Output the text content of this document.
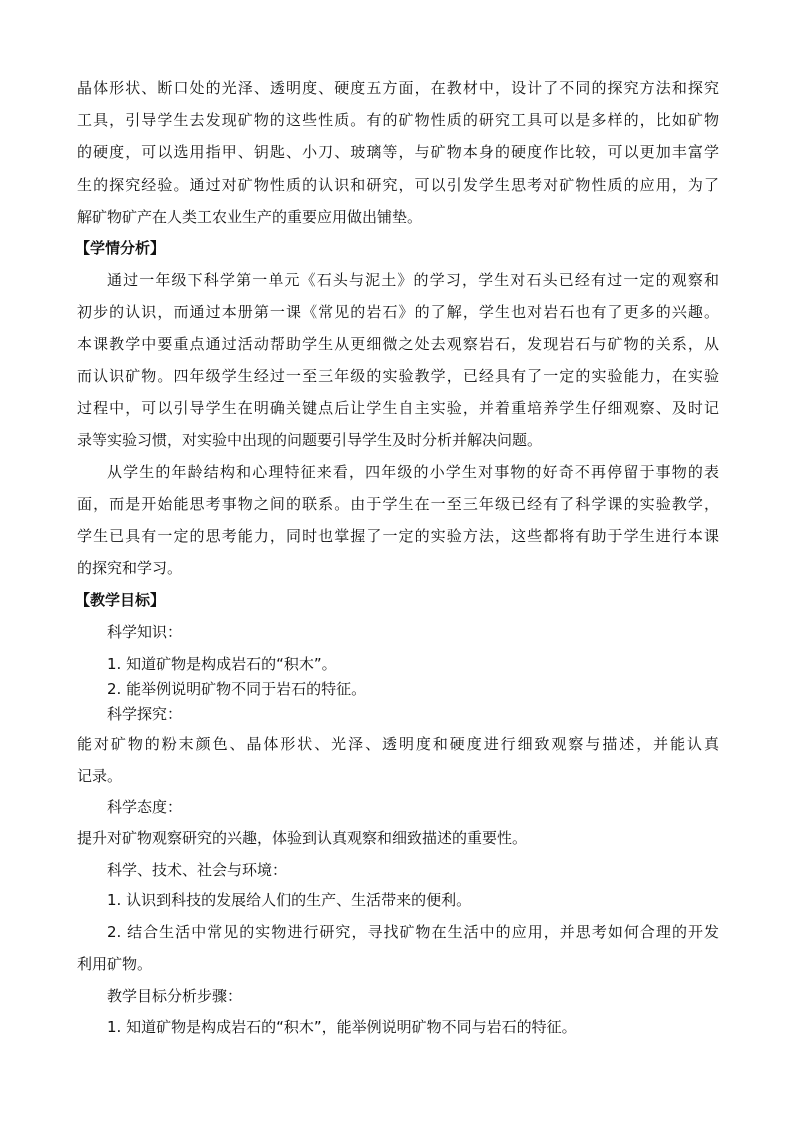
晶体形状、断口处的光泽、透明度、硬度五方面，在教材中，设计了不同的探究方法和探究
工具，引导学生去发现矿物的这些性质。有的矿物性质的研究工具可以是多样的，比如矿物
的硬度，可以选用指甲、钥匙、小刀、玻璃等，与矿物本身的硬度作比较，可以更加丰富学
生的探究经验。通过对矿物性质的认识和研究，可以引发学生思考对矿物性质的应用，为了
解矿物矿产在人类工农业生产的重要应用做出铺垫。
【学情分析】
通过一年级下科学第一单元《石头与泥土》的学习，学生对石头已经有过一定的观察和
初步的认识，而通过本册第一课《常见的岩石》的了解，学生也对岩石也有了更多的兴趣。
本课教学中要重点通过活动帮助学生从更细微之处去观察岩石，发现岩石与矿物的关系，从
而认识矿物。四年级学生经过一至三年级的实验教学，已经具有了一定的实验能力，在实验
过程中，可以引导学生在明确关键点后让学生自主实验，并着重培养学生仔细观察、及时记
录等实验习惯，对实验中出现的问题要引导学生及时分析并解决问题。
从学生的年龄结构和心理特征来看，四年级的小学生对事物的好奇不再停留于事物的表
面，而是开始能思考事物之间的联系。由于学生在一至三年级已经有了科学课的实验教学，
学生已具有一定的思考能力，同时也掌握了一定的实验方法，这些都将有助于学生进行本课
的探究和学习。
【教学目标】
科学知识：
1. 知道矿物是构成岩石的“积木”。
2. 能举例说明矿物不同于岩石的特征。
科学探究：
能对矿物的粉末颜色、晶体形状、光泽、透明度和硬度进行细致观察与描述，并能认真
记录。
科学态度：
提升对矿物观察研究的兴趣，体验到认真观察和细致描述的重要性。
科学、技术、社会与环境：
1. 认识到科技的发展给人们的生产、生活带来的便利。
2. 结合生活中常见的实物进行研究，寻找矿物在生活中的应用，并思考如何合理的开发
利用矿物。
教学目标分析步骤：
1. 知道矿物是构成岩石的“积木”，能举例说明矿物不同与岩石的特征。
